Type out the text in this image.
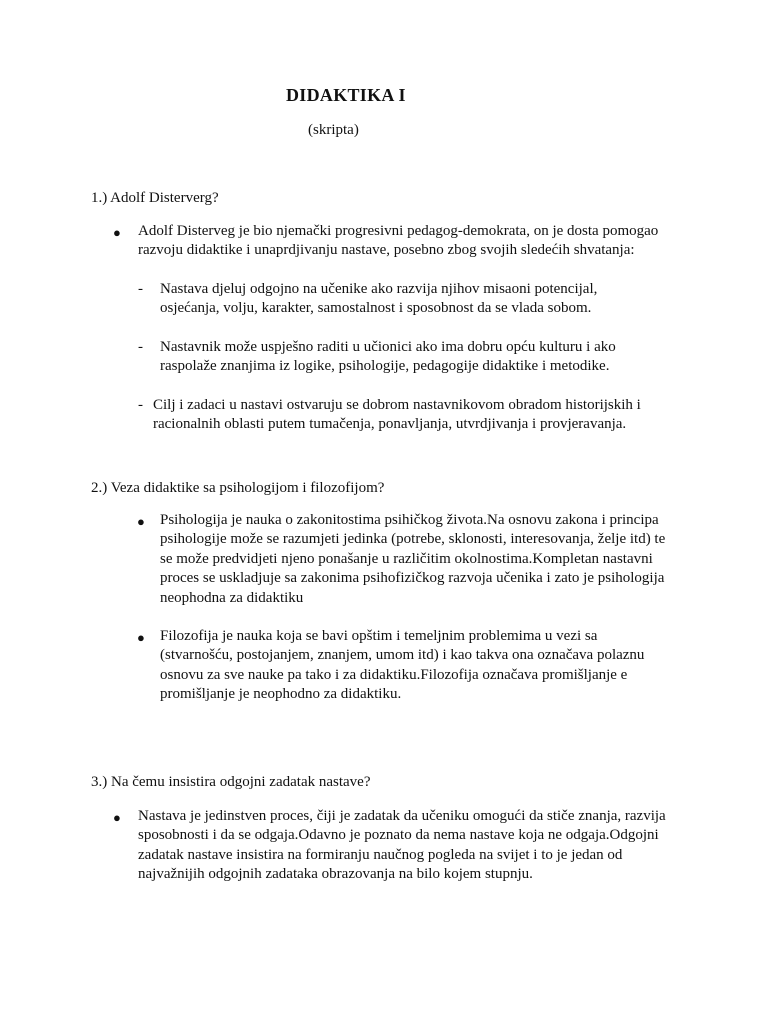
DIDAKTIKA I
(skripta)
1.) Adolf Disterverg?
● Adolf Disterveg je bio njemački progresivni pedagog-demokrata, on je dosta pomogao razvoju didaktike i unaprdjivanju nastave, posebno zbog svojih sledećih shvatanja:
- Nastava djeluj odgojno na učenike ako razvija njihov misaoni potencijal, osjećanja, volju, karakter, samostalnost i sposobnost da se vlada sobom.
- Nastavnik može uspješno raditi u učionici ako ima dobru opću kulturu i ako raspolaže znanjima iz logike, psihologije, pedagogije didaktike i metodike.
- Cilj i zadaci u nastavi ostvaruju se dobrom nastavnikovom obradom historijskih i racionalnih oblasti putem tumačenja, ponavljanja, utvrdjivanja i provjeravanja.
2.) Veza didaktike sa psihologijom i filozofijom?
● Psihologija je nauka o zakonitostima psihičkog života.Na osnovu zakona i principa psihologije može se razumjeti jedinka (potrebe, sklonosti, interesovanja, želje itd) te se može predvidjeti njeno ponašanje u različitim okolnostima.Kompletan nastavni proces se uskladjuje sa zakonima psihofizičkog razvoja učenika i zato je psihologija neophodna za didaktiku
● Filozofija je nauka koja se bavi opštim i temeljnim problemima u vezi sa (stvarnošću, postojanjem, znanjem, umom itd) i kao takva ona označava polaznu osnovu za sve nauke pa tako i za didaktiku.Filozofija označava promišljanje e promišljanje je neophodno za didaktiku.
3.) Na čemu insistira odgojni zadatak nastave?
● Nastava je jedinstven proces, čiji je zadatak da učeniku omogući da stiče znanja, razvija sposobnosti i da se odgaja.Odavno je poznato da nema nastave koja ne odgaja.Odgojni zadatak nastave insistira na formiranju naučnog pogleda na svijet i to je jedan od najvažnijih odgojnih zadataka obrazovanja na bilo kojem stupnju.
